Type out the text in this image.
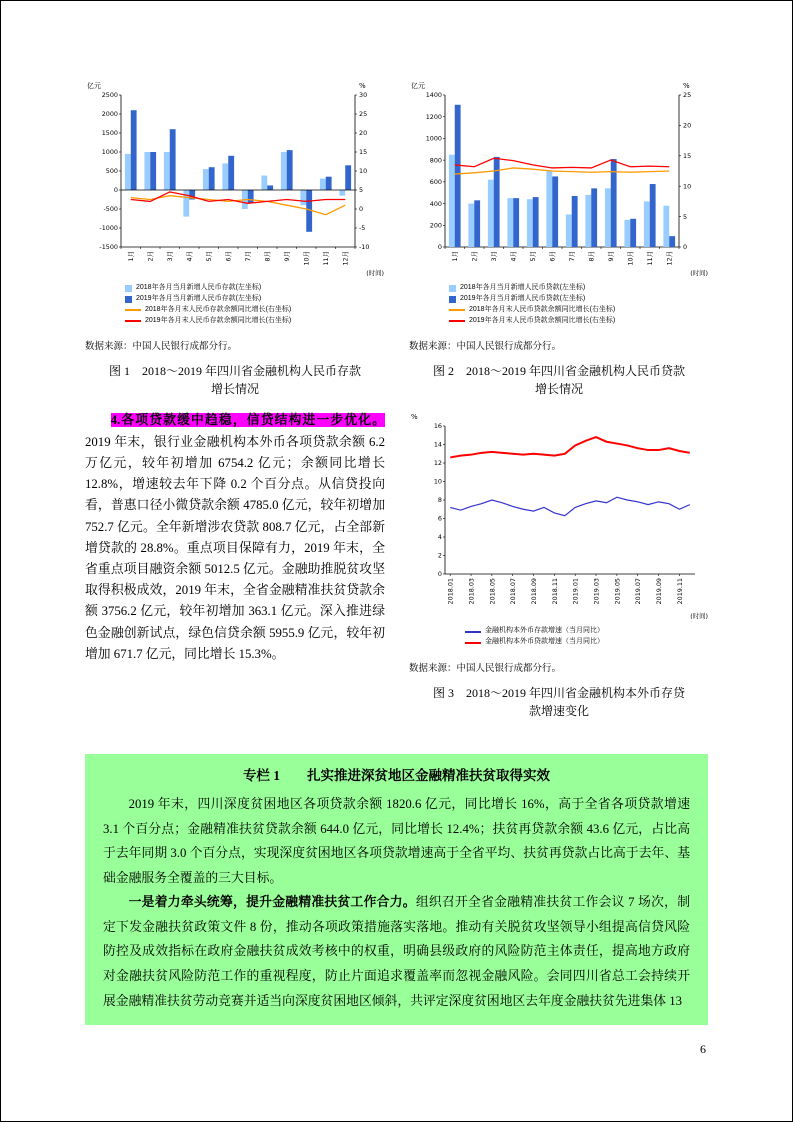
-1500
-1000
-500
0
500
1000
1500
2000
2500
-10
-5
0
5
10
15
20
25
30
1月 2月 3月 4月 5月 6月 7月 8月 9月 10月 11月 12月
亿元	%
(时间)
2018年各月当月新增人民币存款(左坐标)
2019年各月当月新增人民币存款(左坐标)
2018年各月末人民币存款余额同比增长(右坐标)
2019年各月末人民币存款余额同比增长(右坐标)
数据来源：中国人民银行成都分行。
图 1　2018～2019 年四川省金融机构人民币存款增长情况

4.各项贷款缓中趋稳，信贷结构进一步优化。2019 年末，银行业金融机构本外币各项贷款余额 6.2 万亿元，较年初增加 6754.2 亿元；余额同比增长 12.8%，增速较去年下降 0.2 个百分点。从信贷投向看，普惠口径小微贷款余额 4785.0 亿元，较年初增加 752.7 亿元。全年新增涉农贷款 808.7 亿元，占全部新增贷款的 28.8%。重点项目保障有力，2019 年末，全省重点项目融资余额 5012.5 亿元。金融助推脱贫攻坚取得积极成效，2019 年末，全省金融精准扶贫贷款余额 3756.2 亿元，较年初增加 363.1 亿元。深入推进绿色金融创新试点，绿色信贷余额 5955.9 亿元，较年初增加 671.7 亿元，同比增长 15.3%。

0
200
400
600
800
1000
1200
1400
0
5
10
15
20
25
1月 2月 3月 4月 5月 6月 7月 8月 9月 10月 11月 12月
亿元	%
(时间)
2018年各月当月新增人民币贷款(左坐标)
2019年各月当月新增人民币贷款(左坐标)
2018年各月末人民币贷款余额同比增长(右坐标)
2019年各月末人民币贷款余额同比增长(右坐标)
数据来源：中国人民银行成都分行。
图 2　2018～2019 年四川省金融机构人民币贷款增长情况
0
2
4
6
8
10
12
14
16
2018.01 2018.03 2018.05 2018.07 2018.09 2018.11 2019.01 2019.03 2019.05 2019.07 2019.09 2019.11
%
(时间)
金融机构本外币存款增速（当月同比）
金融机构本外币贷款增速（当月同比）
数据来源：中国人民银行成都分行。
图 3　2018～2019 年四川省金融机构本外币存贷款增速变化
专栏 1 扎实推进深贫地区金融精准扶贫取得实效

2019 年末，四川深度贫困地区各项贷款余额 1820.6 亿元，同比增长 16%，高于全省各项贷款增速 3.1 个百分点；金融精准扶贫贷款余额 644.0 亿元，同比增长 12.4%；扶贫再贷款余额 43.6 亿元，占比高于去年同期 3.0 个百分点，实现深度贫困地区各项贷款增速高于全省平均、扶贫再贷款占比高于去年、基础金融服务全覆盖的三大目标。

一是着力牵头统筹，提升金融精准扶贫工作合力。组织召开全省金融精准扶贫工作会议 7 场次，制定下发金融扶贫政策文件 8 份，推动各项政策措施落实落地。推动有关脱贫攻坚领导小组提高信贷风险防控及成效指标在政府金融扶贫成效考核中的权重，明确县级政府的风险防范主体责任，提高地方政府对金融扶贫风险防范工作的重视程度，防止片面追求覆盖率而忽视金融风险。会同四川省总工会持续开展金融精准扶贫劳动竞赛并适当向深度贫困地区倾斜，共评定深度贫困地区去年度金融扶贫先进集体 13

6
